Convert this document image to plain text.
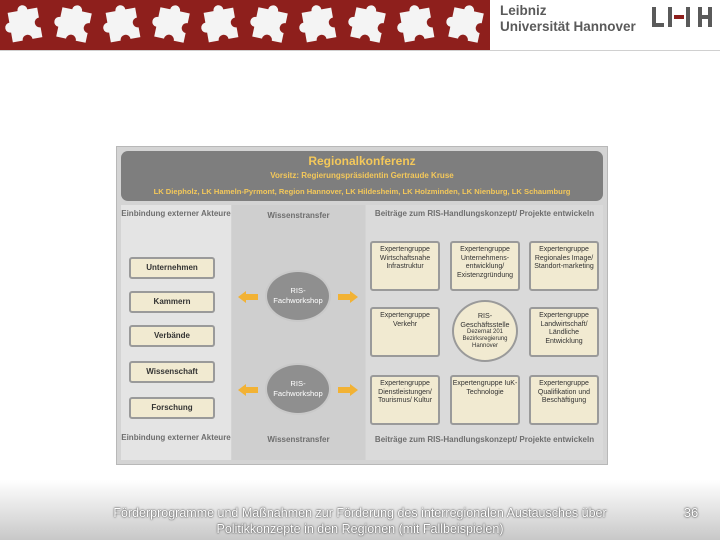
Leibniz
Universität Hannover
Regionalkonferenz
Vorsitz: Regierungspräsidentin Gertraude Kruse
LK Diepholz, LK Hameln-Pyrmont, Region Hannover, LK Hildesheim, LK Holzminden, LK Nienburg, LK Schaumburg
Einbindung externer Akteure
Unternehmen
Kammern
Verbände
Wissenschaft
Forschung
Einbindung externer Akteure
Wissenstransfer
RIS-Fachworkshop
RIS-Fachworkshop
Wissenstransfer
Beiträge zum RIS-Handlungskonzept/ Projekte entwickeln
Expertengruppe Wirtschaftsnahe Infrastruktur
Expertengruppe Unternehmens-entwicklung/ Existenzgründung
Expertengruppe Regionales Image/ Standort-marketing
Expertengruppe Verkehr
RIS-Geschäftsstelle
Dezernat 201 Bezirksregierung Hannover
Expertengruppe Landwirtschaft/ Ländliche Entwicklung
Expertengruppe Dienstleistungen/ Tourismus/ Kultur
Expertengruppe IuK-Technologie
Expertengruppe Qualifikation und Beschäftigung
Beiträge zum RIS-Handlungskonzept/ Projekte entwickeln
Förderprogramme und Maßnahmen zur Förderung des interregionalen Austausches über Politikkonzepte in den Regionen (mit Fallbeispielen)
36
